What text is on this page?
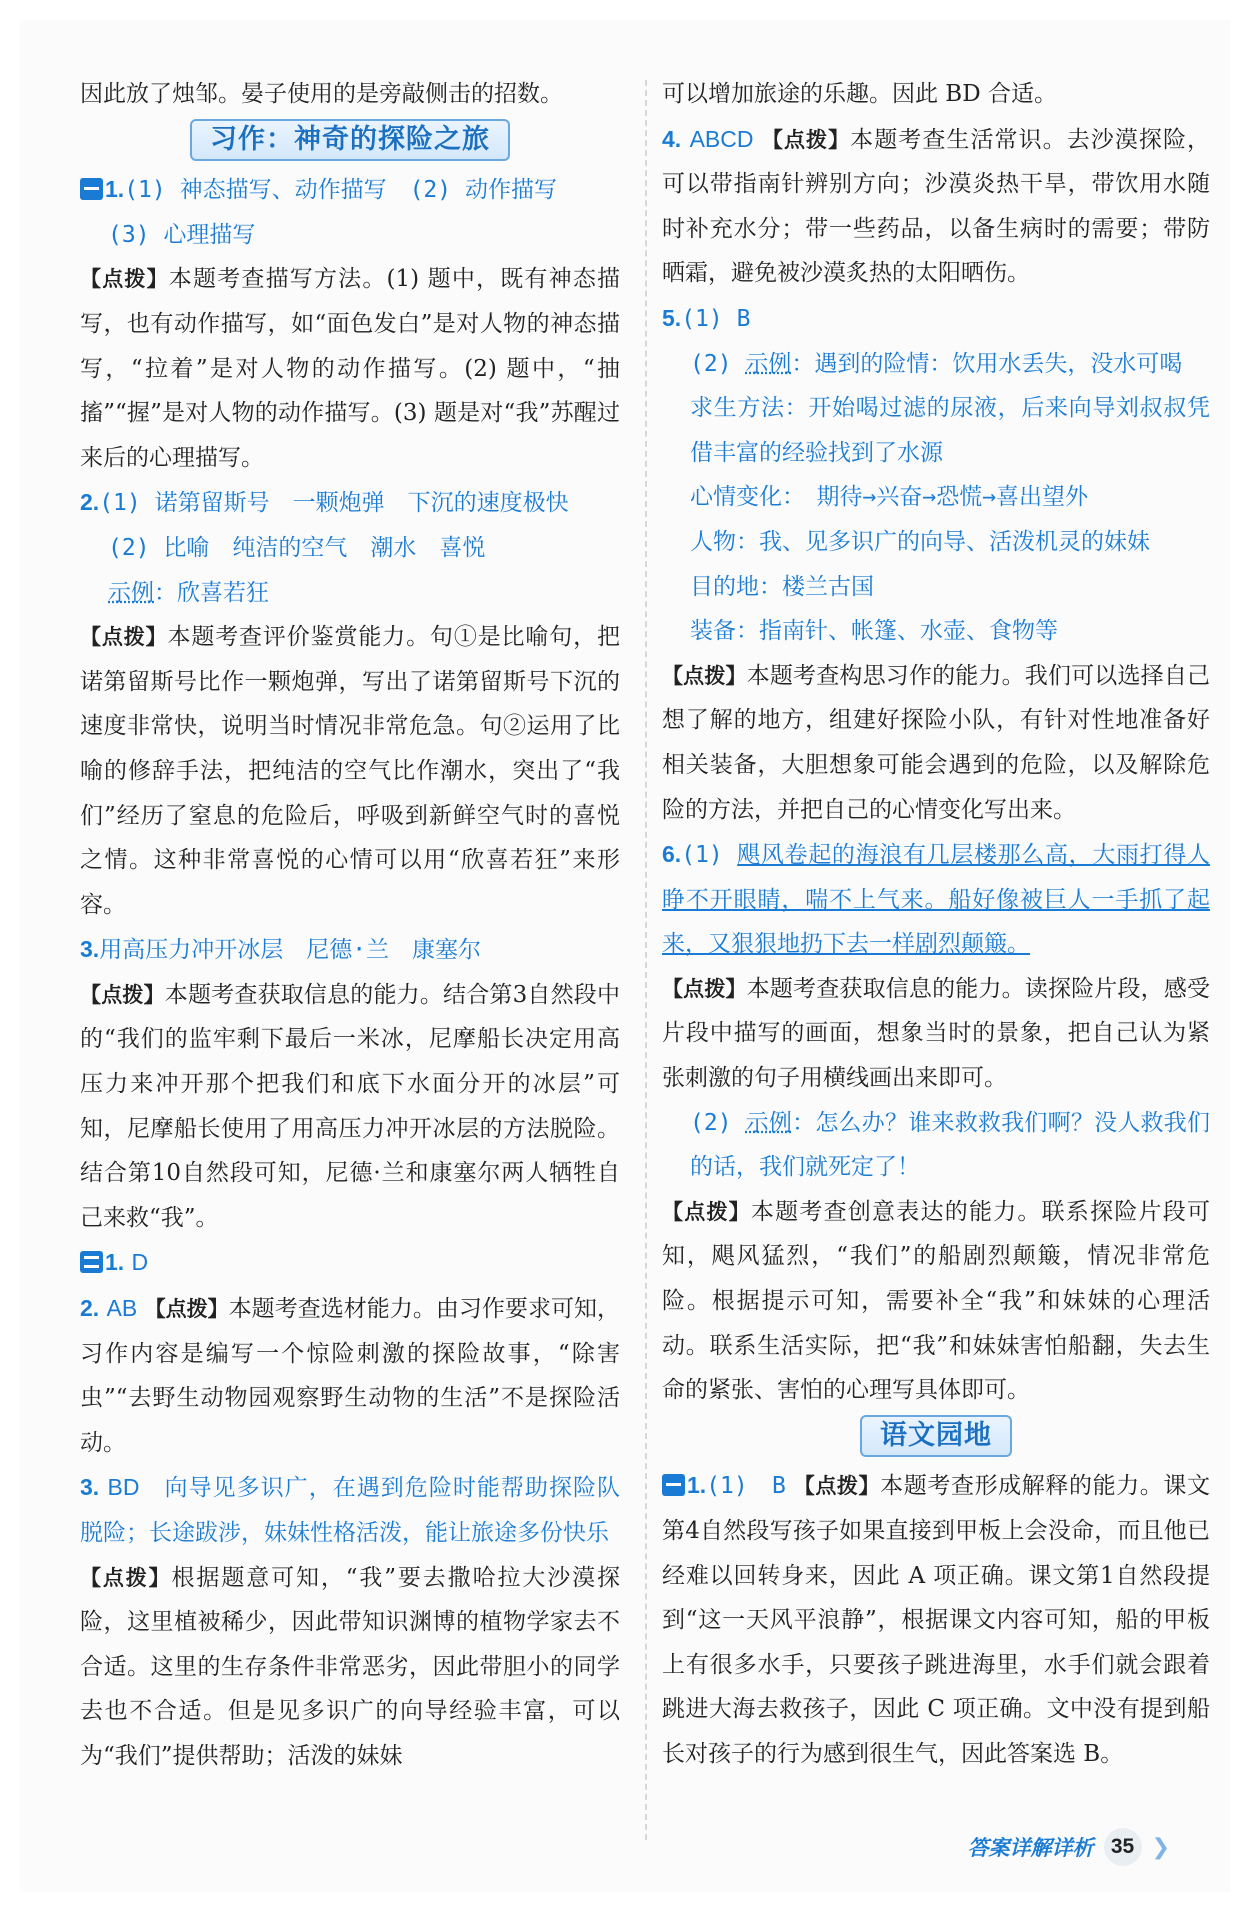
因此放了烛邹。晏子使用的是旁敲侧击的招数。
习作：神奇的探险之旅
1.(1) 神态描写、动作描写　(2) 动作描写
(3) 心理描写
【点拨】本题考查描写方法。(1) 题中，既有神态描写，也有动作描写，如“面色发白”是对人物的神态描写，“拉着”是对人物的动作描写。(2) 题中，“抽搐”“握”是对人物的动作描写。(3) 题是对“我”苏醒过来后的心理描写。
2.(1) 诺第留斯号　一颗炮弹　下沉的速度极快
(2) 比喻　纯洁的空气　潮水　喜悦
示例：欣喜若狂
【点拨】本题考查评价鉴赏能力。句①是比喻句，把诺第留斯号比作一颗炮弹，写出了诺第留斯号下沉的速度非常快，说明当时情况非常危急。句②运用了比喻的修辞手法，把纯洁的空气比作潮水，突出了“我们”经历了窒息的危险后，呼吸到新鲜空气时的喜悦之情。这种非常喜悦的心情可以用“欣喜若狂”来形容。
3.用高压力冲开冰层　尼德·兰　康塞尔
【点拨】本题考查获取信息的能力。结合第3自然段中的“我们的监牢剩下最后一米冰，尼摩船长决定用高压力来冲开那个把我们和底下水面分开的冰层”可知，尼摩船长使用了用高压力冲开冰层的方法脱险。结合第10自然段可知，尼德·兰和康塞尔两人牺牲自己来救“我”。
1. D
2. AB 【点拨】本题考查选材能力。由习作要求可知，习作内容是编写一个惊险刺激的探险故事，“除害虫”“去野生动物园观察野生动物的生活”不是探险活动。
3. BD　 向导见多识广，在遇到危险时能帮助探险队脱险；长途跋涉，妹妹性格活泼，能让旅途多份快乐
【点拨】根据题意可知，“我”要去撒哈拉大沙漠探险，这里植被稀少，因此带知识渊博的植物学家去不合适。这里的生存条件非常恶劣，因此带胆小的同学去也不合适。但是见多识广的向导经验丰富，可以为“我们”提供帮助；活泼的妹妹
可以增加旅途的乐趣。因此 BD 合适。
4. ABCD 【点拨】本题考查生活常识。去沙漠探险，可以带指南针辨别方向；沙漠炎热干旱，带饮用水随时补充水分；带一些药品，以备生病时的需要；带防晒霜，避免被沙漠炙热的太阳晒伤。
5.(1) B
(2) 示例：遇到的险情：饮用水丢失，没水可喝
求生方法：开始喝过滤的尿液，后来向导刘叔叔凭借丰富的经验找到了水源
心情变化：　期待→兴奋→恐慌→喜出望外
人物：我、见多识广的向导、活泼机灵的妹妹
目的地：楼兰古国
装备：指南针、帐篷、水壶、食物等
【点拨】本题考查构思习作的能力。我们可以选择自己想了解的地方，组建好探险小队，有针对性地准备好相关装备，大胆想象可能会遇到的危险，以及解除危险的方法，并把自己的心情变化写出来。
6.(1) 飓风卷起的海浪有几层楼那么高，大雨打得人睁不开眼睛，喘不上气来。船好像被巨人一手抓了起来，又狠狠地扔下去一样剧烈颠簸。
【点拨】本题考查获取信息的能力。读探险片段，感受片段中描写的画面，想象当时的景象，把自己认为紧张刺激的句子用横线画出来即可。
(2) 示例：怎么办？谁来救救我们啊？没人救我们的话，我们就死定了！
【点拨】本题考查创意表达的能力。联系探险片段可知，飓风猛烈，“我们”的船剧烈颠簸，情况非常危险。根据提示可知，需要补全“我”和妹妹的心理活动。联系生活实际，把“我”和妹妹害怕船翻，失去生命的紧张、害怕的心理写具体即可。
语文园地
1.(1)　B 【点拨】本题考查形成解释的能力。课文第4自然段写孩子如果直接到甲板上会没命，而且他已经难以回转身来，因此 A 项正确。课文第1自然段提到“这一天风平浪静”，根据课文内容可知，船的甲板上有很多水手，只要孩子跳进海里，水手们就会跟着跳进大海去救孩子，因此 C 项正确。文中没有提到船长对孩子的行为感到很生气，因此答案选 B。
答案详解详析 35 ❯
